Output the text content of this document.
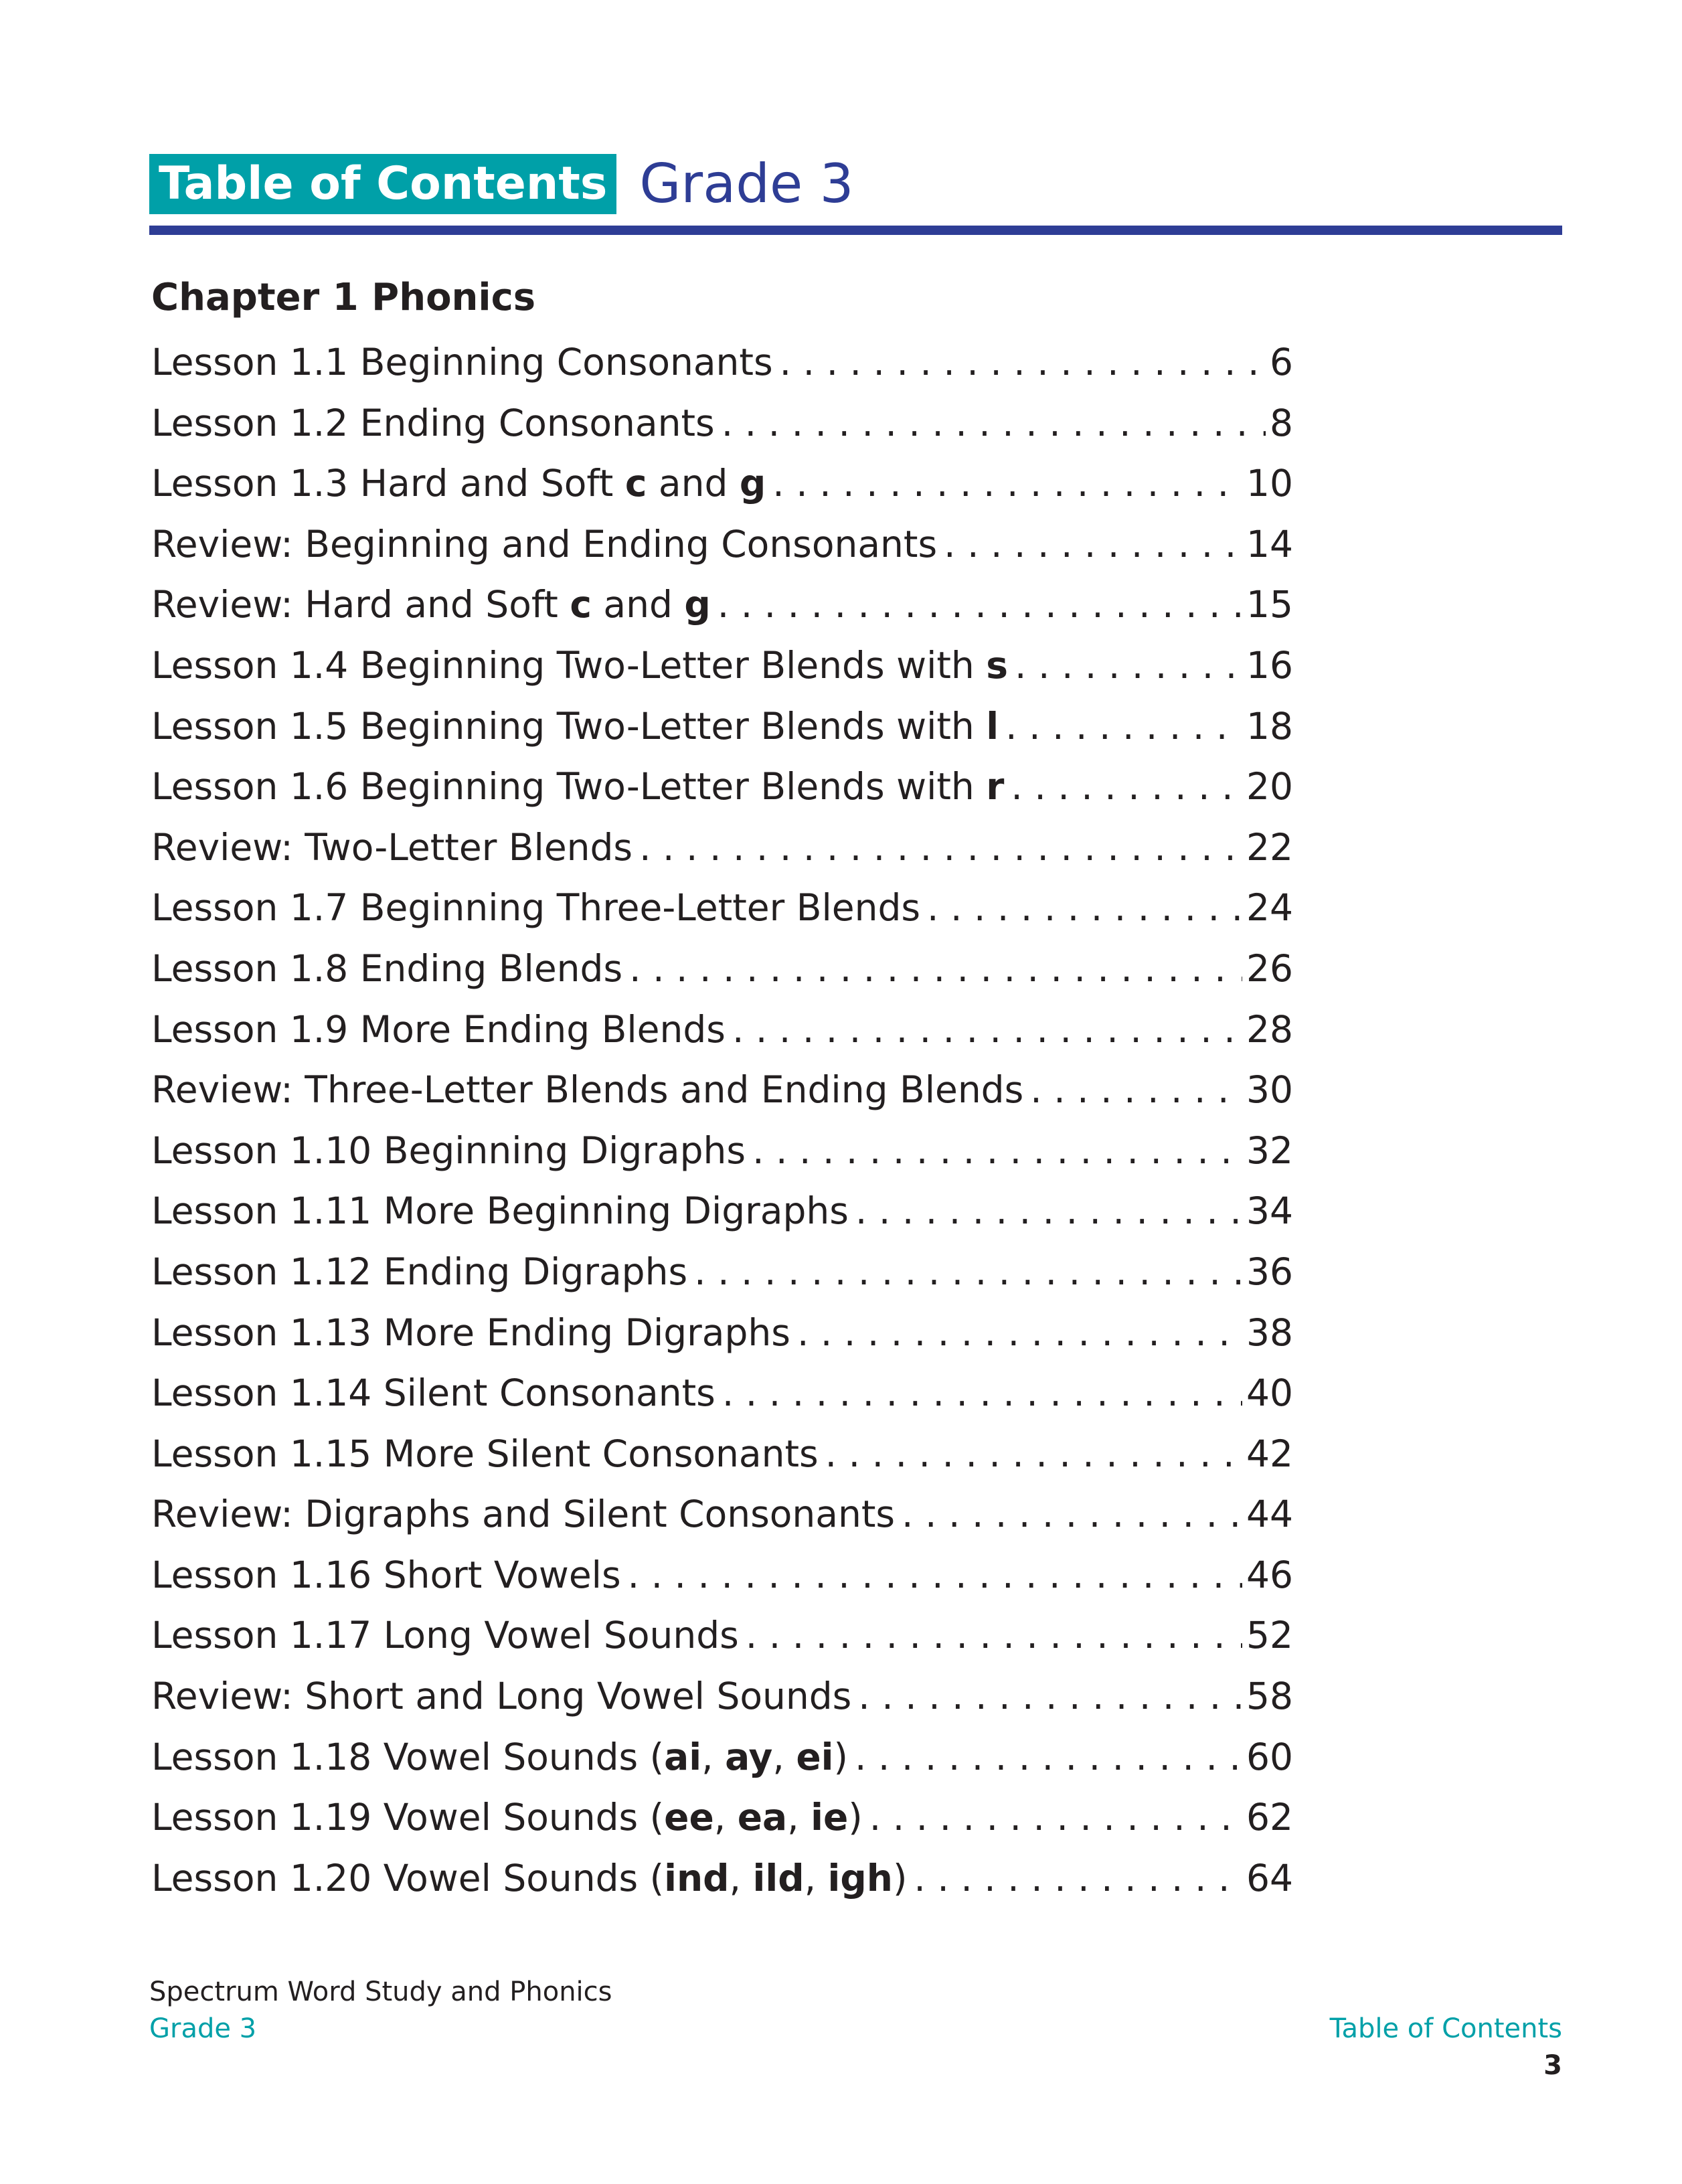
Table of Contents Grade 3
Chapter 1 Phonics
Lesson 1.1 Beginning Consonants . . .	6
Lesson 1.2 Ending Consonants . . .	8
Lesson 1.3 Hard and Soft c and g . . .	10
Review: Beginning and Ending Consonants . . .	14
Review: Hard and Soft c and g . . .	15
Lesson 1.4 Beginning Two-Letter Blends with s . . .	16
Lesson 1.5 Beginning Two-Letter Blends with l . . .	18
Lesson 1.6 Beginning Two-Letter Blends with r . . .	20
Review: Two-Letter Blends . . .	22
Lesson 1.7 Beginning Three-Letter Blends . . .	24
Lesson 1.8 Ending Blends . . .	26
Lesson 1.9 More Ending Blends . . .	28
Review: Three-Letter Blends and Ending Blends . . .	30
Lesson 1.10 Beginning Digraphs . . .	32
Lesson 1.11 More Beginning Digraphs . . .	34
Lesson 1.12 Ending Digraphs . . .	36
Lesson 1.13 More Ending Digraphs . . .	38
Lesson 1.14 Silent Consonants . . .	40
Lesson 1.15 More Silent Consonants . . .	42
Review: Digraphs and Silent Consonants . . .	44
Lesson 1.16 Short Vowels . . .	46
Lesson 1.17 Long Vowel Sounds . . .	52
Review: Short and Long Vowel Sounds . . .	58
Lesson 1.18 Vowel Sounds (ai, ay, ei) . . .	60
Lesson 1.19 Vowel Sounds (ee, ea, ie) . . .	62
Lesson 1.20 Vowel Sounds (ind, ild, igh) . . .	64
Spectrum Word Study and Phonics
Grade 3	Table of Contents
3
